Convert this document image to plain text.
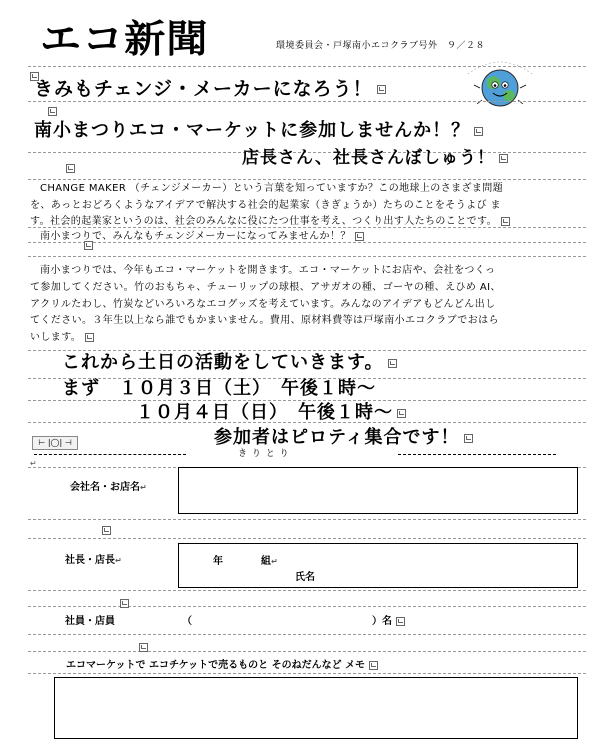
エコ新聞	環境委員会・戸塚南小エコクラブ号外　９／２８

きみもチェンジ・メーカーになろう！
南小まつりエコ・マーケットに参加しませんか！？
店長さん、社長さんぼしゅう！
CHANGE MAKER （チェンジメーカー）という言葉を知っていますか？この地球上のさまざま問題
を、あっとおどろくようなアイデアで解決する社会的起業家（きぎょうか）たちのことをそうよび ま
す。社会的起業家というのは、社会のみんなに役にたつ仕事を考え、つくり出す人たちのことです。
南小まつりで、みんなもチェンジメーカーになってみませんか！？
南小まつりでは、今年もエコ・マーケットを開きます。エコ・マーケットにお店や、会社をつくっ
て参加してください。竹のおもちゃ、チューリップの球根、アサガオの種、ゴーヤの種、えひめ AI、
アクリルたわし、竹炭などいろいろなエコグッズを考えています。みんなのアイデアもどんどん出し
てください。３年生以上なら誰でもかまいません。費用、原材料費等は戸塚南小エコクラブでおはら
いします。
これから土日の活動をしていきます。
まず　１０月３日（土）　午後１時～
１０月４日（日）　午後１時～
参加者はピロティ集合です！
⊢ |◯| ⊣
き り と り
↵
会社名・お店名↵
社長・店長↵	年	組↵
氏名
社員・店員	（	）名
エコマーケットで エコチケットで売るものと そのねだんなど メモ
